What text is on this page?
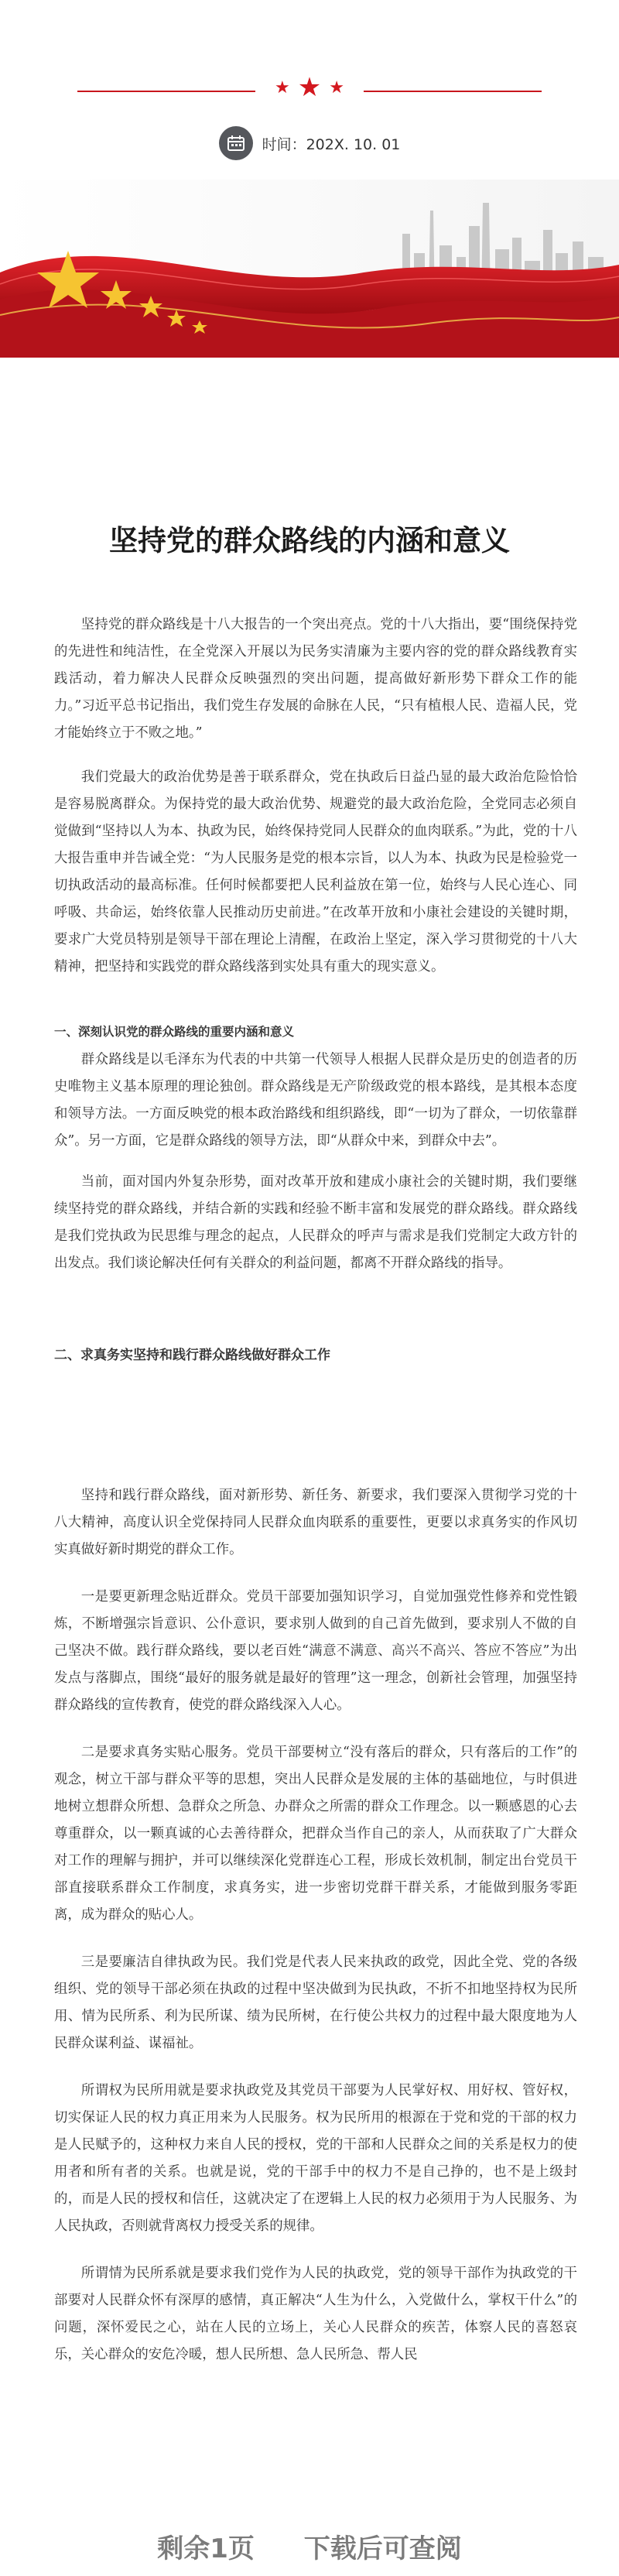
★ ★ ★
时间：202X. 10. 01
坚持党的群众路线的内涵和意义

坚持党的群众路线是十八大报告的一个突出亮点。党的十八大指出，要“围绕保持党的先进性和纯洁性，在全党深入开展以为民务实清廉为主要内容的党的群众路线教育实践活动，着力解决人民群众反映强烈的突出问题，提高做好新形势下群众工作的能力。”习近平总书记指出，我们党生存发展的命脉在人民，“只有植根人民、造福人民，党才能始终立于不败之地。”

我们党最大的政治优势是善于联系群众，党在执政后日益凸显的最大政治危险恰恰是容易脱离群众。为保持党的最大政治优势、规避党的最大政治危险，全党同志必须自觉做到“坚持以人为本、执政为民，始终保持党同人民群众的血肉联系。”为此，党的十八大报告重申并告诫全党：“为人民服务是党的根本宗旨，以人为本、执政为民是检验党一切执政活动的最高标准。任何时候都要把人民利益放在第一位，始终与人民心连心、同呼吸、共命运，始终依靠人民推动历史前进。”在改革开放和小康社会建设的关键时期，要求广大党员特别是领导干部在理论上清醒，在政治上坚定，深入学习贯彻党的十八大精神，把坚持和实践党的群众路线落到实处具有重大的现实意义。

一、深刻认识党的群众路线的重要内涵和意义

群众路线是以毛泽东为代表的中共第一代领导人根据人民群众是历史的创造者的历史唯物主义基本原理的理论独创。群众路线是无产阶级政党的根本路线，是其根本态度和领导方法。一方面反映党的根本政治路线和组织路线，即“一切为了群众，一切依靠群众”。另一方面，它是群众路线的领导方法，即“从群众中来，到群众中去”。

当前，面对国内外复杂形势，面对改革开放和建成小康社会的关键时期，我们要继续坚持党的群众路线，并结合新的实践和经验不断丰富和发展党的群众路线。群众路线是我们党执政为民思维与理念的起点，人民群众的呼声与需求是我们党制定大政方针的出发点。我们谈论解决任何有关群众的利益问题，都离不开群众路线的指导。

二、求真务实坚持和践行群众路线做好群众工作

坚持和践行群众路线，面对新形势、新任务、新要求，我们要深入贯彻学习党的十八大精神，高度认识全党保持同人民群众血肉联系的重要性，更要以求真务实的作风切实真做好新时期党的群众工作。

一是要更新理念贴近群众。党员干部要加强知识学习，自觉加强党性修养和党性锻炼，不断增强宗旨意识、公仆意识，要求别人做到的自己首先做到，要求别人不做的自己坚决不做。践行群众路线，要以老百姓“满意不满意、高兴不高兴、答应不答应”为出发点与落脚点，围绕“最好的服务就是最好的管理”这一理念，创新社会管理，加强坚持群众路线的宣传教育，使党的群众路线深入人心。

二是要求真务实贴心服务。党员干部要树立“没有落后的群众，只有落后的工作”的观念，树立干部与群众平等的思想，突出人民群众是发展的主体的基础地位，与时俱进地树立想群众所想、急群众之所急、办群众之所需的群众工作理念。以一颗感恩的心去尊重群众，以一颗真诚的心去善待群众，把群众当作自己的亲人，从而获取了广大群众对工作的理解与拥护，并可以继续深化党群连心工程，形成长效机制，制定出台党员干部直接联系群众工作制度，求真务实，进一步密切党群干群关系，才能做到服务零距离，成为群众的贴心人。

三是要廉洁自律执政为民。我们党是代表人民来执政的政党，因此全党、党的各级组织、党的领导干部必须在执政的过程中坚决做到为民执政，不折不扣地坚持权为民所用、情为民所系、利为民所谋、绩为民所树，在行使公共权力的过程中最大限度地为人民群众谋利益、谋福祉。

所谓权为民所用就是要求执政党及其党员干部要为人民掌好权、用好权、管好权，切实保证人民的权力真正用来为人民服务。权为民所用的根源在于党和党的干部的权力是人民赋予的，这种权力来自人民的授权，党的干部和人民群众之间的关系是权力的使用者和所有者的关系。也就是说，党的干部手中的权力不是自己挣的，也不是上级封的，而是人民的授权和信任，这就决定了在逻辑上人民的权力必须用于为人民服务、为人民执政，否则就背离权力授受关系的规律。

所谓情为民所系就是要求我们党作为人民的执政党，党的领导干部作为执政党的干部要对人民群众怀有深厚的感情，真正解决“人生为什么，入党做什么，掌权干什么”的问题，深怀爱民之心，站在人民的立场上，关心人民群众的疾苦，体察人民的喜怒哀乐，关心群众的安危冷暖，想人民所想、急人民所急、帮人民

剩余1页 下载后可查阅
